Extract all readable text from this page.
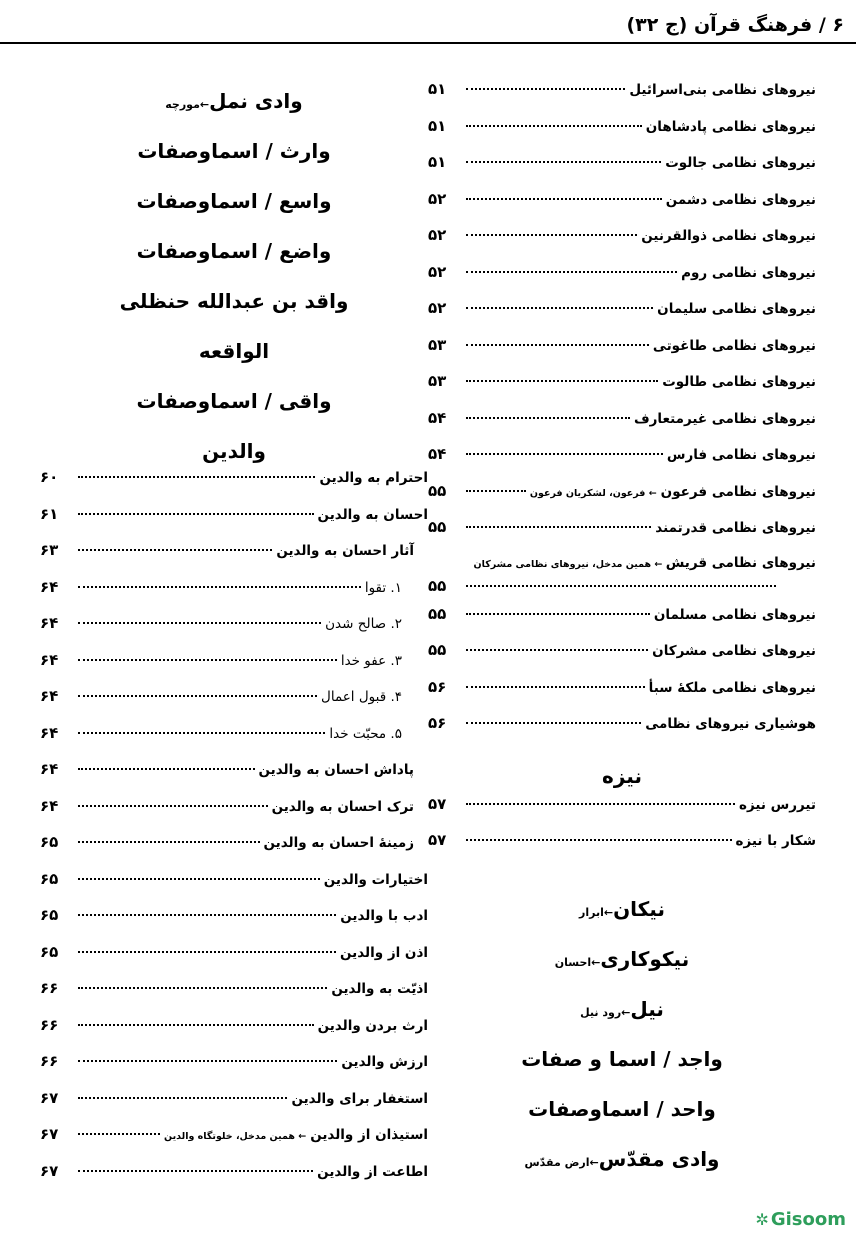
۶ / فرهنگ قرآن (ج ۳۲)
نیروهای نظامی بنی‌اسرائیل
۵۱
نیروهای نظامی پادشاهان
۵۱
نیروهای نظامی جالوت
۵۱
نیروهای نظامی دشمن
۵۲
نیروهای نظامی ذوالقرنین
۵۲
نیروهای نظامی روم
۵۲
نیروهای نظامی سلیمان
۵۲
نیروهای نظامی طاغوتی
۵۳
نیروهای نظامی طالوت
۵۳
نیروهای نظامی غیرمتعارف
۵۴
نیروهای نظامی فارس
۵۴
نیروهای نظامی فرعون
← فرعون، لشکریان فرعون
۵۵
نیروهای نظامی قدرتمند
۵۵
نیروهای نظامی قریش ← همین مدخل، نیروهای نظامی مشرکان
۵۵
نیروهای نظامی مسلمان
۵۵
نیروهای نظامی مشرکان
۵۵
نیروهای نظامی ملکهٔ سبأ
۵۶
هوشیاری نیروهای نظامی
۵۶
نیزه
تیررس نیزه
۵۷
شکار با نیزه
۵۷
نیکان←ابرار
نیکوکاری←احسان
نیل←رود نیل
واجد / اسما و صفات
واحد / اسماوصفات
وادی مقدّس←ارض مقدّس
وادی نمل←مورچه
وارث / اسماوصفات
واسع / اسماوصفات
واضع / اسماوصفات
واقد بن عبدالله حنظلی
الواقعه
واقی / اسماوصفات
والدین
احترام به والدین
۶۰
احسان به والدین
۶۱
آثار احسان به والدین
۶۳
۱. تقوا
۶۴
۲. صالح شدن
۶۴
۳. عفو خدا
۶۴
۴. قبول اعمال
۶۴
۵. محبّت خدا
۶۴
پاداش احسان به والدین
۶۴
ترک احسان به والدین
۶۴
زمینهٔ احسان به والدین
۶۵
اختیارات والدین
۶۵
ادب با والدین
۶۵
اذن از والدین
۶۵
اذیّت به والدین
۶۶
ارث بردن والدین
۶۶
ارزش والدین
۶۶
استغفار برای والدین
۶۷
استیذان از والدین
← همین مدخل، خلوتگاه والدین
۶۷
اطاعت از والدین
۶۷
✲ Gisoom
